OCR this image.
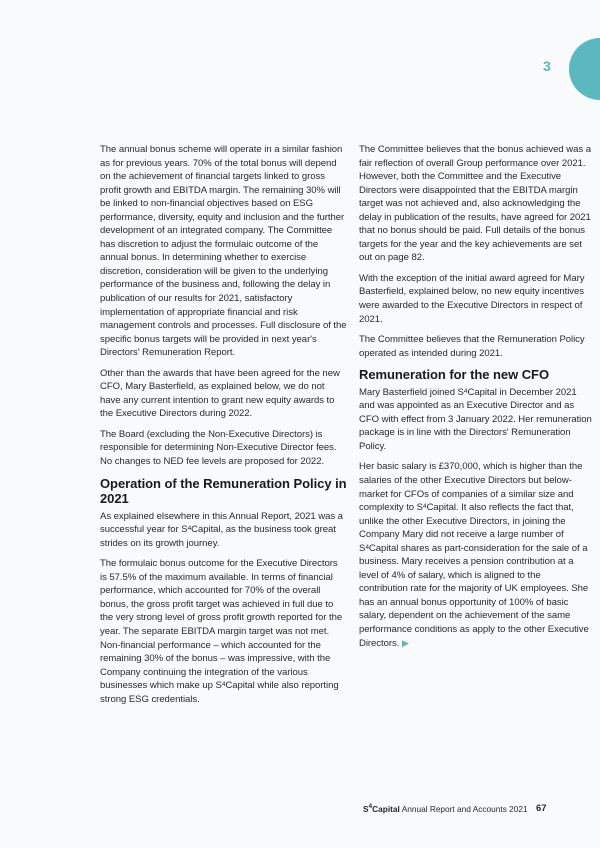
3

The annual bonus scheme will operate in a similar fashion as for previous years. 70% of the total bonus will depend on the achievement of financial targets linked to gross profit growth and EBITDA margin. The remaining 30% will be linked to non-financial objectives based on ESG performance, diversity, equity and inclusion and the further development of an integrated company. The Committee has discretion to adjust the formulaic outcome of the annual bonus. In determining whether to exercise discretion, consideration will be given to the underlying performance of the business and, following the delay in publication of our results for 2021, satisfactory implementation of appropriate financial and risk management controls and processes. Full disclosure of the specific bonus targets will be provided in next year's Directors' Remuneration Report.

Other than the awards that have been agreed for the new CFO, Mary Basterfield, as explained below, we do not have any current intention to grant new equity awards to the Executive Directors during 2022.

The Board (excluding the Non-Executive Directors) is responsible for determining Non-Executive Director fees. No changes to NED fee levels are proposed for 2022.

Operation of the Remuneration Policy in 2021

As explained elsewhere in this Annual Report, 2021 was a successful year for $S^4Capital$, as the business took great strides on its growth journey.

The formulaic bonus outcome for the Executive Directors is 57.5% of the maximum available. In terms of financial performance, which accounted for 70% of the overall bonus, the gross profit target was achieved in full due to the very strong level of gross profit growth reported for the year. The separate EBITDA margin target was not met. Non-financial performance – which accounted for the remaining 30% of the bonus – was impressive, with the Company continuing the integration of the various businesses which make up $S^4Capital$ while also reporting strong ESG credentials.

The Committee believes that the bonus achieved was a fair reflection of overall Group performance over 2021. However, both the Committee and the Executive Directors were disappointed that the EBITDA margin target was not achieved and, also acknowledging the delay in publication of the results, have agreed for 2021 that no bonus should be paid. Full details of the bonus targets for the year and the key achievements are set out on page 82.

With the exception of the initial award agreed for Mary Basterfield, explained below, no new equity incentives were awarded to the Executive Directors in respect of 2021.

The Committee believes that the Remuneration Policy operated as intended during 2021.

Remuneration for the new CFO

Mary Basterfield joined $S^4Capital$ in December 2021 and was appointed as an Executive Director and as CFO with effect from 3 January 2022. Her remuneration package is in line with the Directors' Remuneration Policy.

Her basic salary is £370,000, which is higher than the salaries of the other Executive Directors but below-market for CFOs of companies of a similar size and complexity to $S^4Capital$. It also reflects the fact that, unlike the other Executive Directors, in joining the Company Mary did not receive a large number of $S^4Capital$ shares as part-consideration for the sale of a business. Mary receives a pension contribution at a level of 4% of salary, which is aligned to the contribution rate for the majority of UK employees. She has an annual bonus opportunity of 100% of basic salary, dependent on the achievement of the same performance conditions as apply to the other Executive Directors. ▶

$S^4Capital$ Annual Report and Accounts 2021 67
